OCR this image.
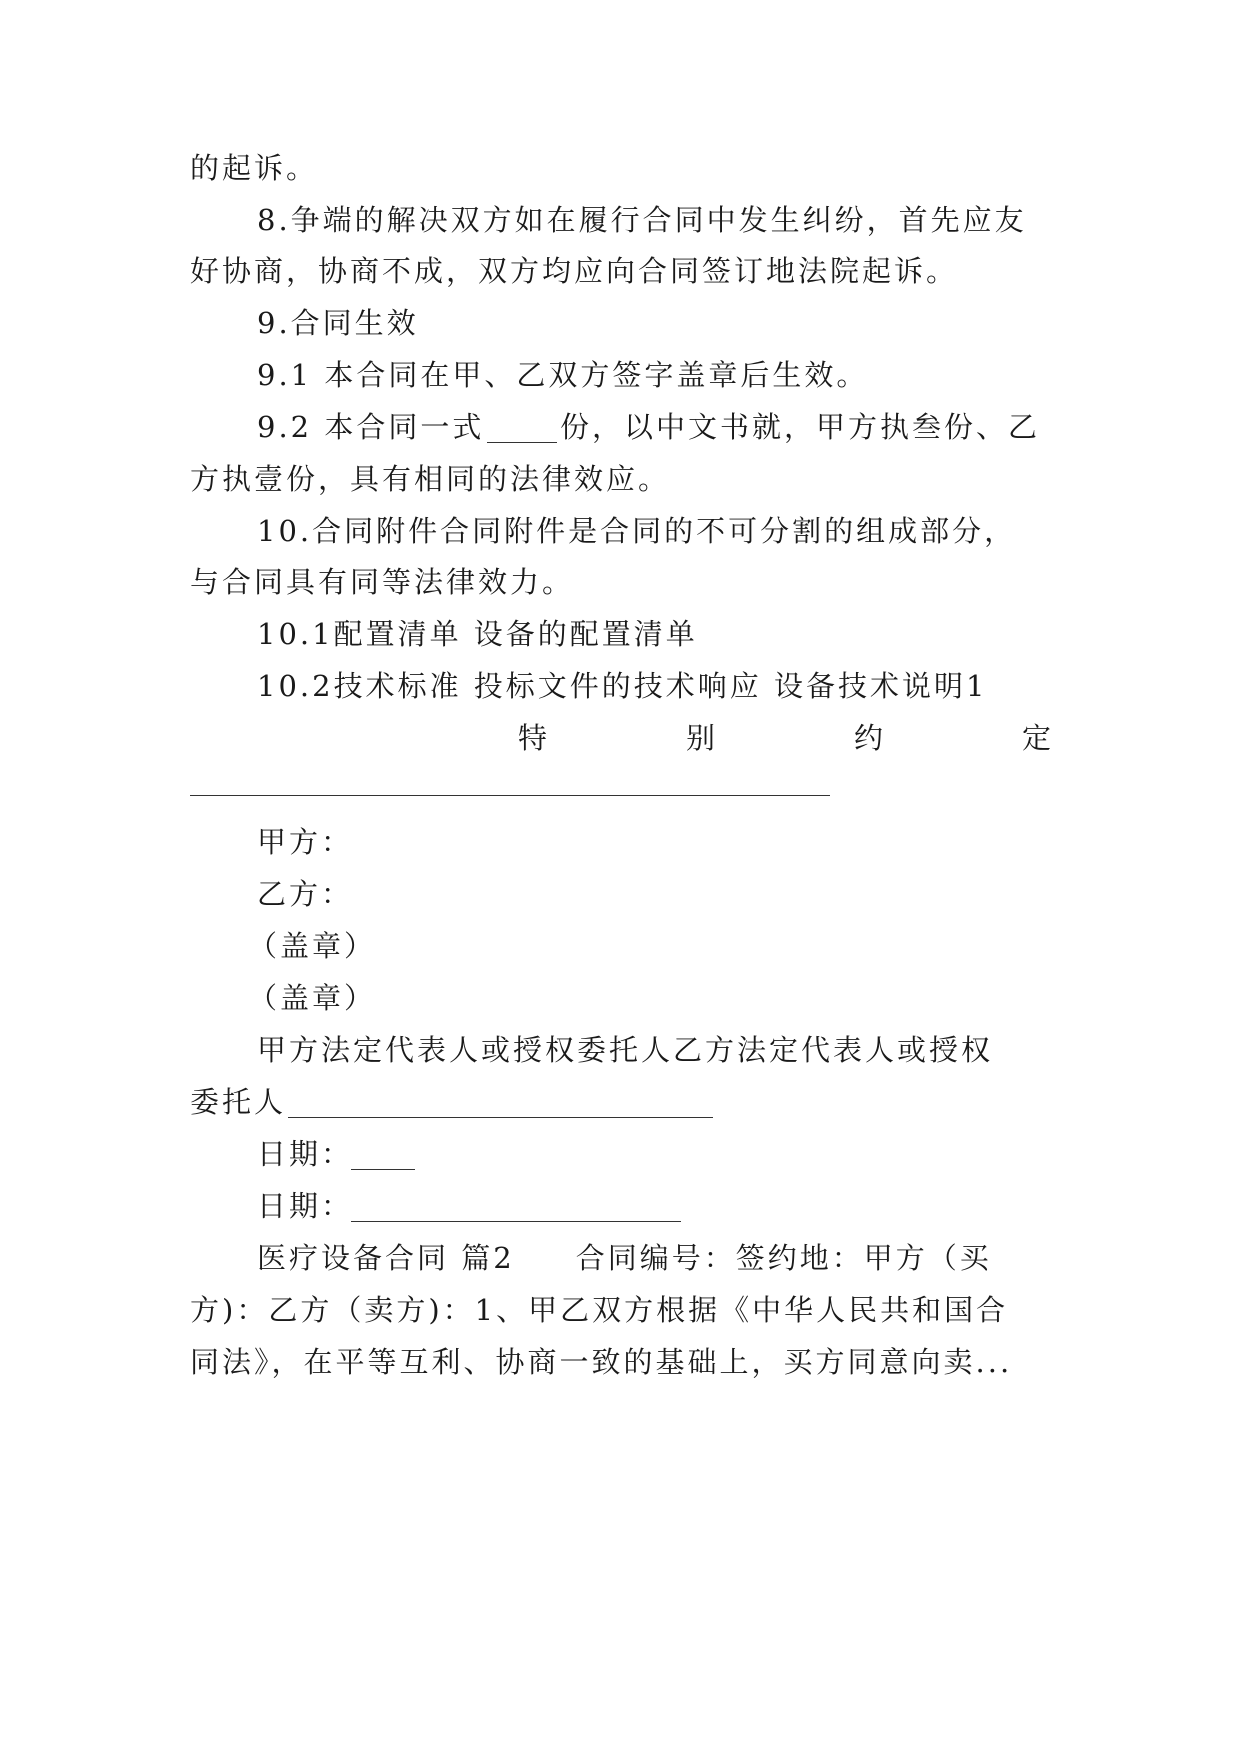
的起诉。
8.争端的解决双方如在履行合同中发生纠纷，首先应友
好协商，协商不成，双方均应向合同签订地法院起诉。
9.合同生效
9.1 本合同在甲、乙双方签字盖章后生效。
9.2 本合同一式	份，以中文书就，甲方执叁份、乙
方执壹份，具有相同的法律效应。
10.合同附件合同附件是合同的不可分割的组成部分，
与合同具有同等法律效力。
10.1配置清单 设备的配置清单
10.2技术标准 投标文件的技术响应 设备技术说明1
特	别	约	定
甲方：
乙方：
（盖章）
（盖章）
甲方法定代表人或授权委托人乙方法定代表人或授权
委托人
日期：
日期：
医疗设备合同 篇2     合同编号：签约地：甲方（买
方)：乙方（卖方)：1、甲乙双方根据《中华人民共和国合
同法》，在平等互利、协商一致的基础上，买方同意向卖...
